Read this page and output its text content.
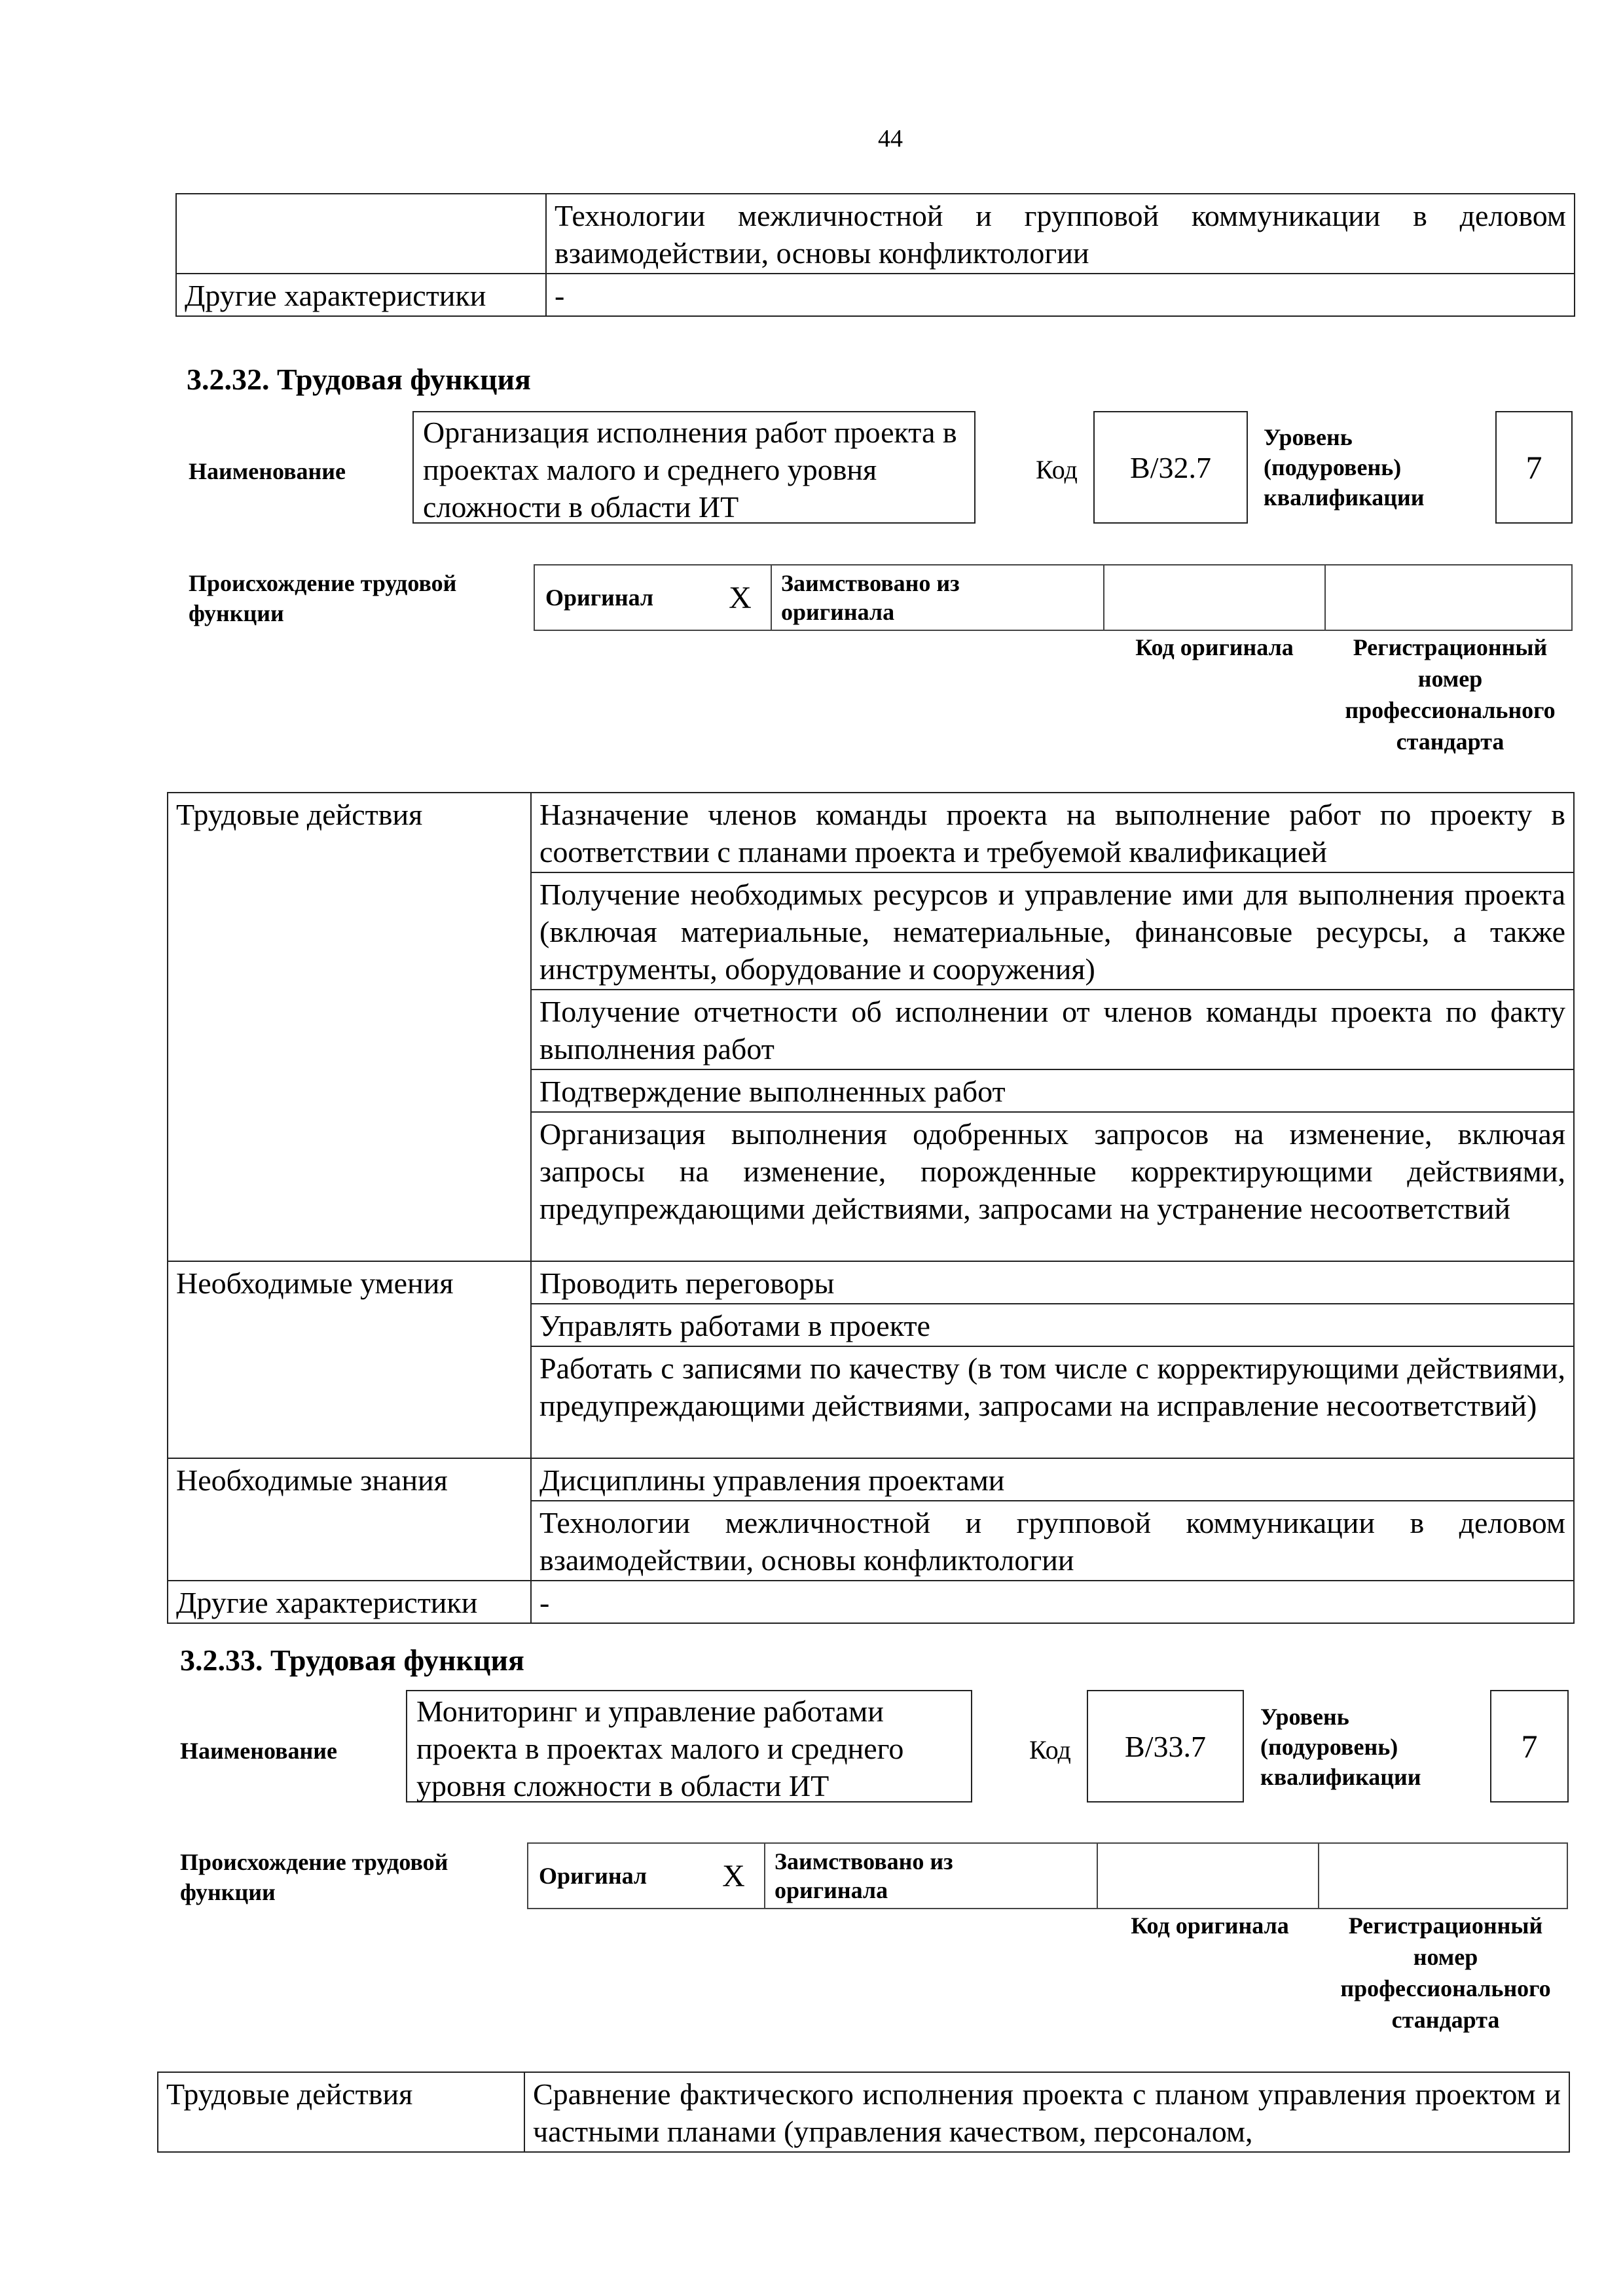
44
	Технологии межличностной и групповой коммуникации в деловом взаимодействии, основы конфликтологии
Другие характеристики	-
3.2.32. Трудовая функция
Наименование
Организация исполнения работ проекта в проектах малого и среднего уровня сложности в области ИТ
Код B/32.7
Уровень
(подуровень)
квалификации
7
Происхождение трудовой
функции
Оригинал	X	Заимствовано из
оригинала

Код оригинала	Регистрационный
номер
профессионального
стандарта
Трудовые действия	Назначение членов команды проекта на выполнение работ по проекту в соответствии с планами проекта и требуемой квалификацией
	Получение необходимых ресурсов и управление ими для выполнения проекта (включая материальные, нематериальные, финансовые ресурсы, а также инструменты, оборудование и сооружения)
	Получение отчетности об исполнении от членов команды проекта по факту выполнения работ
	Подтверждение выполненных работ
	Организация выполнения одобренных запросов на изменение, включая запросы на изменение, порожденные корректирующими действиями, предупреждающими действиями, запросами на устранение несоответствий
Необходимые умения	Проводить переговоры
	Управлять работами в проекте
	Работать с записями по качеству (в том числе с корректирующими действиями, предупреждающими действиями, запросами на исправление несоответствий)
Необходимые знания	Дисциплины управления проектами
	Технологии межличностной и групповой коммуникации в деловом взаимодействии, основы конфликтологии
Другие характеристики	-
3.2.33. Трудовая функция
Наименование
Мониторинг и управление работами проекта в проектах малого и среднего уровня сложности в области ИТ
Код B/33.7
Уровень
(подуровень)
квалификации
7
Происхождение трудовой
функции
Оригинал	X	Заимствовано из
оригинала

Код оригинала	Регистрационный
номер
профессионального
стандарта
Трудовые действия	Сравнение фактического исполнения проекта с планом управления проектом и частными планами (управления качеством, персоналом,
